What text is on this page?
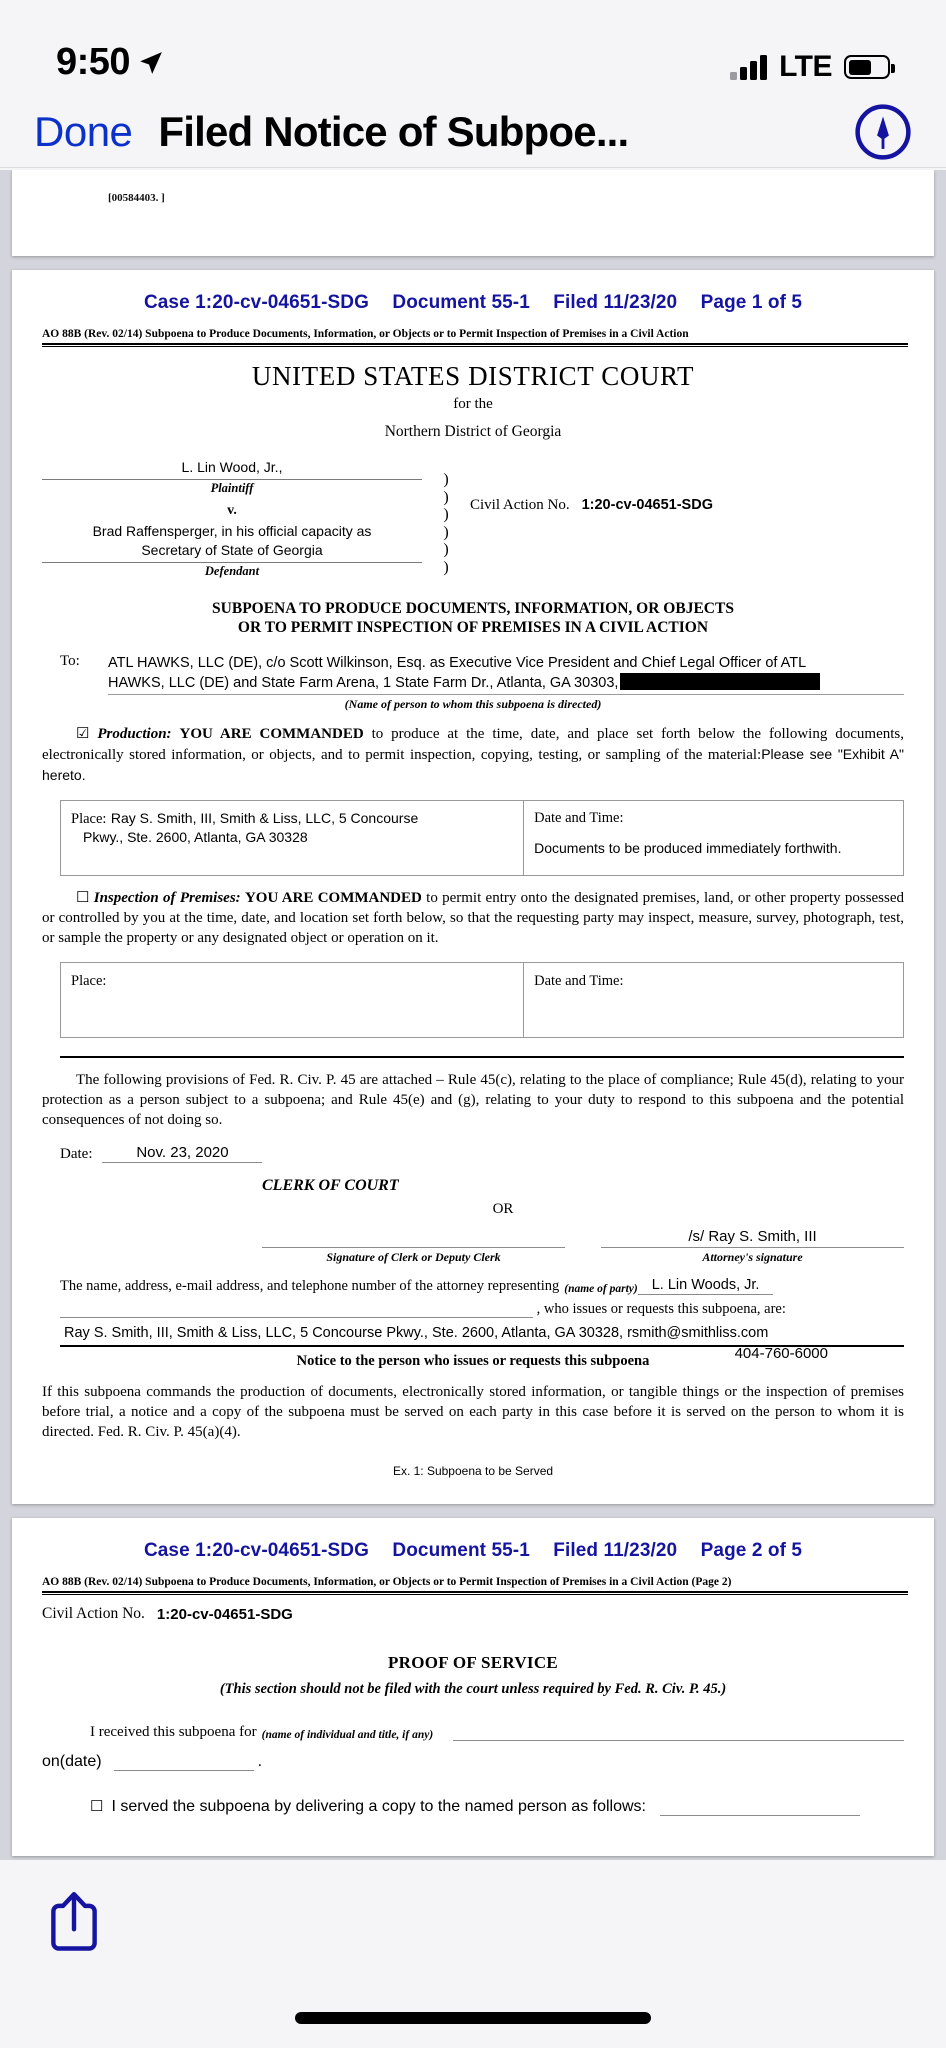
9:50	LTE
Done Filed Notice of Subpoe...
[00584403. ]
Case 1:20-cv-04651-SDG Document 55-1 Filed 11/23/20 Page 1 of 5
AO 88B (Rev. 02/14) Subpoena to Produce Documents, Information, or Objects or to Permit Inspection of Premises in a Civil Action
UNITED STATES DISTRICT COURT
for the
Northern District of Georgia
L. Lin Wood, Jr.,
Plaintiff
v.
Brad Raffensperger, in his official capacity as
Secretary of State of Georgia
Defendant
)
)
)
)
)
)
Civil Action No. 1:20-cv-04651-SDG
SUBPOENA TO PRODUCE DOCUMENTS, INFORMATION, OR OBJECTS
OR TO PERMIT INSPECTION OF PREMISES IN A CIVIL ACTION
To:	ATL HAWKS, LLC (DE), c/o Scott Wilkinson, Esq. as Executive Vice President and Chief Legal Officer of ATL
HAWKS, LLC (DE) and State Farm Arena, 1 State Farm Dr., Atlanta, GA 30303,
(Name of person to whom this subpoena is directed)
☑ Production: YOU ARE COMMANDED to produce at the time, date, and place set forth below the following documents, electronically stored information, or objects, and to permit inspection, copying, testing, or sampling of the material:Please see "Exhibit A" hereto.
Place: Ray S. Smith, III, Smith & Liss, LLC, 5 Concourse
Pkwy., Ste. 2600, Atlanta, GA 30328
Date and Time:
Documents to be produced immediately forthwith.
☐ Inspection of Premises: YOU ARE COMMANDED to permit entry onto the designated premises, land, or other property possessed or controlled by you at the time, date, and location set forth below, so that the requesting party may inspect, measure, survey, photograph, test, or sample the property or any designated object or operation on it.
Place:	Date and Time:
The following provisions of Fed. R. Civ. P. 45 are attached – Rule 45(c), relating to the place of compliance; Rule 45(d), relating to your protection as a person subject to a subpoena; and Rule 45(e) and (g), relating to your duty to respond to this subpoena and the potential consequences of not doing so.
Date:	Nov. 23, 2020
CLERK OF COURT
OR
Signature of Clerk or Deputy Clerk
/s/ Ray S. Smith, III
Attorney's signature
The name, address, e-mail address, and telephone number of the attorney representing (name of party) L. Lin Woods, Jr.
, who issues or requests this subpoena, are:
Ray S. Smith, III, Smith & Liss, LLC, 5 Concourse Pkwy., Ste. 2600, Atlanta, GA 30328, rsmith@smithliss.com
Notice to the person who issues or requests this subpoena	404-760-6000
If this subpoena commands the production of documents, electronically stored information, or tangible things or the inspection of premises before trial, a notice and a copy of the subpoena must be served on each party in this case before it is served on the person to whom it is directed. Fed. R. Civ. P. 45(a)(4).
Ex. 1: Subpoena to be Served
Case 1:20-cv-04651-SDG Document 55-1 Filed 11/23/20 Page 2 of 5
AO 88B (Rev. 02/14) Subpoena to Produce Documents, Information, or Objects or to Permit Inspection of Premises in a Civil Action (Page 2)
Civil Action No. 1:20-cv-04651-SDG
PROOF OF SERVICE
(This section should not be filed with the court unless required by Fed. R. Civ. P. 45.)
I received this subpoena for (name of individual and title, if any)
on (date)	.
☐ I served the subpoena by delivering a copy to the named person as follows:
